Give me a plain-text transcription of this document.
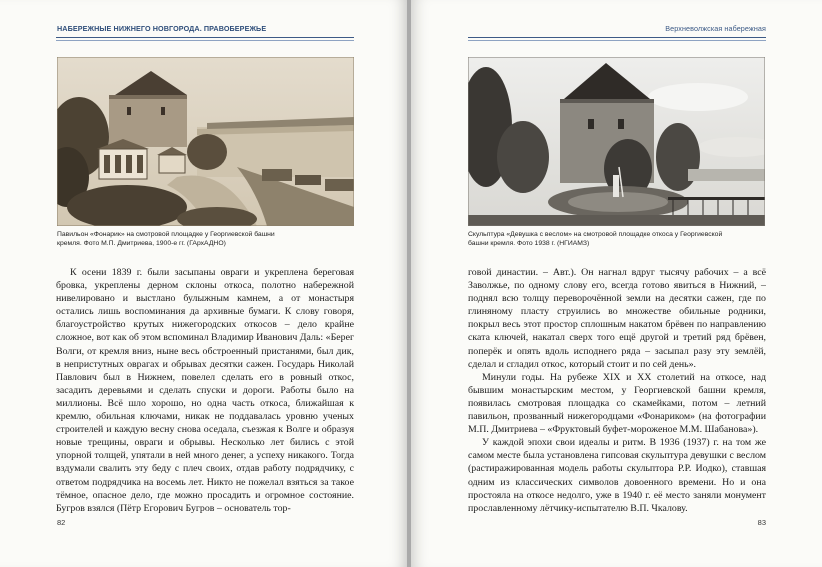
НАБЕРЕЖНЫЕ НИЖНЕГО НОВГОРОДА. ПРАВОБЕРЕЖЬЕ
Павильон «Фонарик» на смотровой площадке у Георгиевской башни
кремля. Фото М.П. Дмитриева, 1900-е гг. (ГАрхАДНО)

К осени 1839 г. были засыпаны овраги и укреплена береговая бровка, укреплены дерном склоны откоса, полотно набережной нивелировано и выстлано булыжным камнем, а от монастыря остались лишь воспоминания да архивные бумаги. К слову говоря, благоустройство крутых нижегородских откосов – дело крайне сложное, вот как об этом вспоминал Владимир Иванович Даль: «Берег Волги, от кремля вниз, ныне весь обстроенный пристанями, был дик, в непристутных оврагах и обрывах десятки сажен. Государь Николай Павлович был в Нижнем, повелел сделать его в ровный откос, засадить деревьями и сделать спуски и дороги. Работы было на миллионы. Всё шло хорошо, но одна часть откоса, ближайшая к кремлю, обильная ключами, никак не поддавалась уровню ученых строителей и каждую весну снова оседала, съезжая к Волге и образуя новые трещины, овраги и обрывы. Несколько лет бились с этой упорной толщей, упятали в ней много денег, а успеху никакого. Тогда вздумали свалить эту беду с плеч своих, отдав работу подрядчику, с ответом подрядчика на восемь лет. Никто не пожелал взяться за такое тёмное, опасное дело, где можно просадить и огромное состояние. Бугров взялся (Пётр Егорович Бугров – основатель тор-

82
Верхневолжская набережная
Скульптура «Девушка с веслом» на смотровой площадке откоса у Георгиевской
башни кремля. Фото 1938 г. (НГИАМЗ)

говой династии. – Авт.). Он нагнал вдруг тысячу рабочих – а всё Заволжье, по одному слову его, всегда готово явиться в Нижний, – поднял всю толщу переворочённой земли на десятки сажен, где по глиняному пласту струились во множестве обильные родники, покрыл весь этот простор сплошным накатом брёвен по направлению ската ключей, накатал сверх того ещё другой и третий ряд брёвен, поперёк и опять вдоль исподнего ряда – засыпал разу эту землёй, сделал и сгладил откос, который стоит и по сей день».

Минули годы. На рубеже XIX и XX столетий на откосе, над бывшим монастырским местом, у Георгиевской башни кремля, появилась смотровая площадка со скамейками, потом – летний павильон, прозванный нижегородцами «Фонариком» (на фотографии М.П. Дмитриева – «Фруктовый буфет-мороженое М.М. Шабанова»).

У каждой эпохи свои идеалы и ритм. В 1936 (1937) г. на том же самом месте была установлена гипсовая скульптура девушки с веслом (растиражированная модель работы скульптора Р.Р. Иодко), ставшая одним из классических символов довоенного времени. Но и она простояла на откосе недолго, уже в 1940 г. её место заняли монумент прославленному лётчику-испытателю В.П. Чкалову.

83
